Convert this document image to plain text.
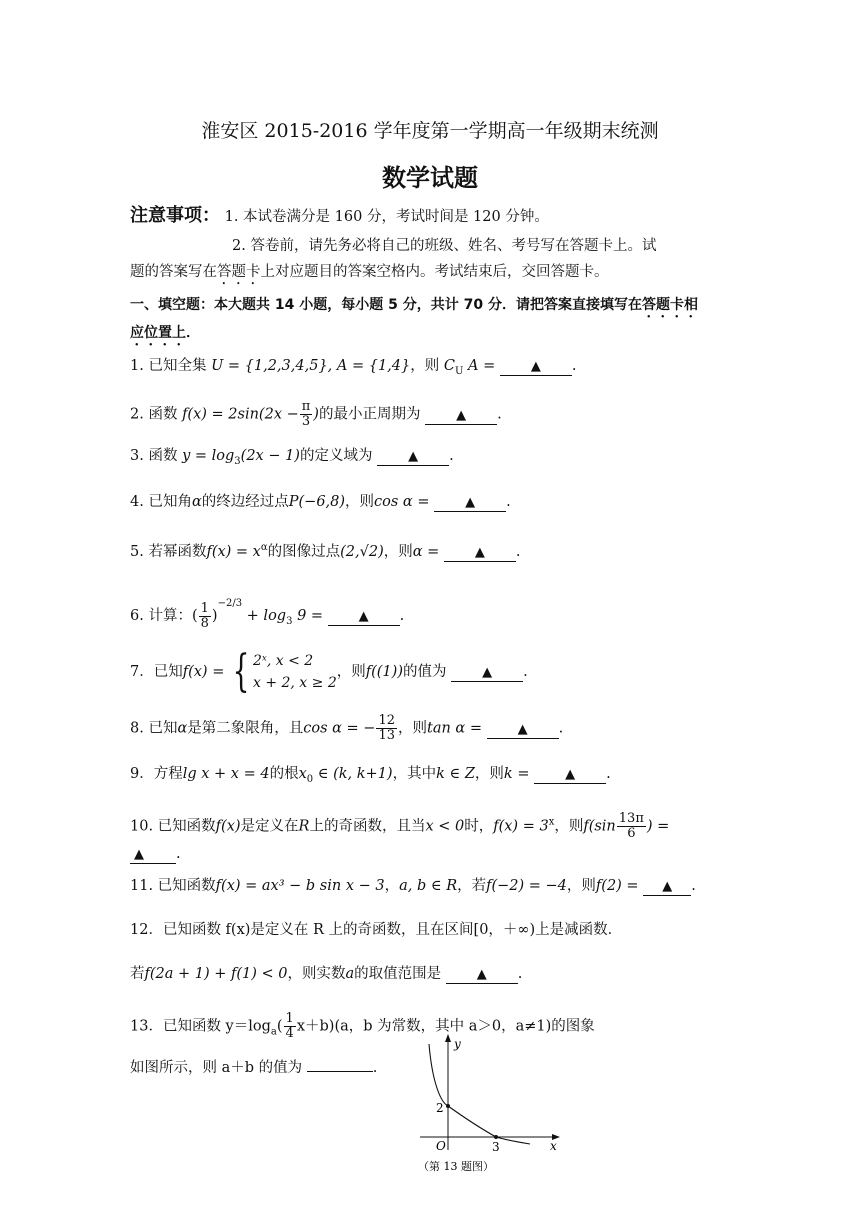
淮安区 2015-2016 学年度第一学期高一年级期末统测
数学试题
注意事项： 1. 本试卷满分是 160 分，考试时间是 120 分钟。
2. 答卷前，请先务必将自己的班级、姓名、考号写在答题卡上。试
题的答案写在答题卡上对应题目的答案空格内。考试结束后，交回答题卡。
一、填空题：本大题共 14 小题，每小题 5 分，共计 70 分．请把答案直接填写在答题卡相
应位置上．
1. 已知全集 U = {1,2,3,4,5}, A = {1,4}，则 $C_U$ A =	▲ .
2. 函数 $f(x) = 2\sin(2x - \frac{\pi}{3}$ )的最小正周期为	▲ .
3. 函数 $y = \log_3(2x - 1)$的定义域为	▲ .
4. 已知角α的终边经过点P(−6,8)，则cos α =	▲ .
5. 若幂函数$f(x) = x^\alpha$的图像过点(2,√2)，则α =	▲ .
6. 计算：( $\frac{1}{8} )^{-2/3} + \log_3 9$ =	▲ .
7．已知f(x) = { 2ˣ, x < 2
x + 2, x ≥ 2
，则f((1))的值为	▲ .
8. 已知α是第二象限角，且cos α = − $\frac{12}{13}$ ，则tan α =	▲ .
9．方程lg x + x = 4的根$x_0$ ∈ (k, k+1)，其中k ∈ Z，则k =	▲ .
10. 已知函数f(x)是定义在R上的奇函数，且当x < 0时，$f(x) = 3^x$，则$f(\sin \frac{13\pi}{6}$ ) =
▲ .
11. 已知函数f(x) = ax³ − b sin x − 3，a, b ∈ R，若f(−2) = −4，则f(2) = ▲ .
12．已知函数 f(x)是定义在 R 上的奇函数，且在区间[0，＋∞)上是减函数．
若f(2a + 1) + f(1) < 0，则实数a的取值范围是	▲ .
13．已知函数 $y=\log_a( \frac{1}{4} x+b)(a$，b 为常数，其中 a＞0，a≠1)的图象
如图所示，则 a＋b 的值为	.
y
x
O
2
3
（第 13 题图）
